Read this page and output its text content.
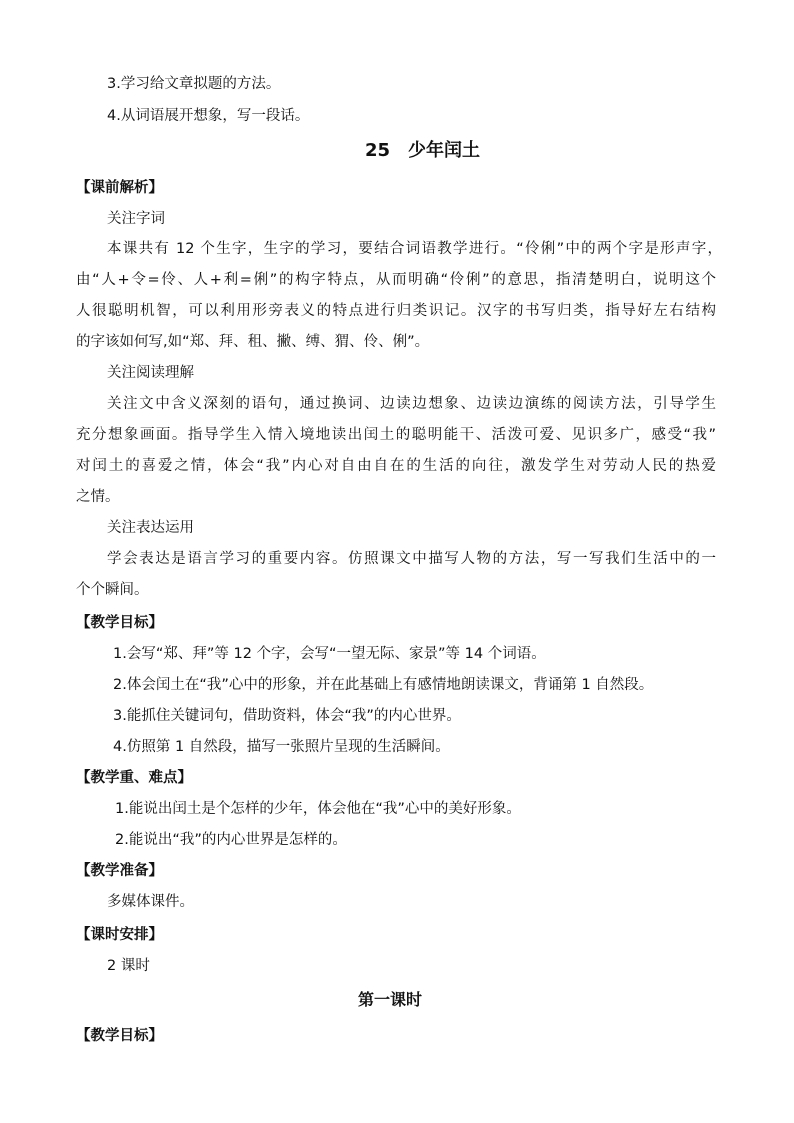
3.学习给文章拟题的方法。
4.从词语展开想象，写一段话。
25　少年闰土
【课前解析】
关注字词
本课共有 12 个生字，生字的学习，要结合词语教学进行。“伶俐”中的两个字是形声字，
由“人+令=伶、人+利=俐”的构字特点，从而明确“伶俐”的意思，指清楚明白，说明这个
人很聪明机智，可以利用形旁表义的特点进行归类识记。汉字的书写归类，指导好左右结构
的字该如何写,如“郑、拜、租、撇、缚、猬、伶、俐”。
关注阅读理解
关注文中含义深刻的语句，通过换词、边读边想象、边读边演练的阅读方法，引导学生
充分想象画面。指导学生入情入境地读出闰土的聪明能干、活泼可爱、见识多广，感受“我”
对闰土的喜爱之情，体会“我”内心对自由自在的生活的向往，激发学生对劳动人民的热爱
之情。
关注表达运用
学会表达是语言学习的重要内容。仿照课文中描写人物的方法，写一写我们生活中的一
个个瞬间。
【教学目标】
1.会写“郑、拜”等 12 个字，会写“一望无际、家景”等 14 个词语。
2.体会闰土在“我”心中的形象，并在此基础上有感情地朗读课文，背诵第 1 自然段。
3.能抓住关键词句，借助资料，体会“我”的内心世界。
4.仿照第 1 自然段，描写一张照片呈现的生活瞬间。
【教学重、难点】
1.能说出闰土是个怎样的少年，体会他在“我”心中的美好形象。
2.能说出“我”的内心世界是怎样的。
【教学准备】
多媒体课件。
【课时安排】
2 课时
第一课时
【教学目标】
